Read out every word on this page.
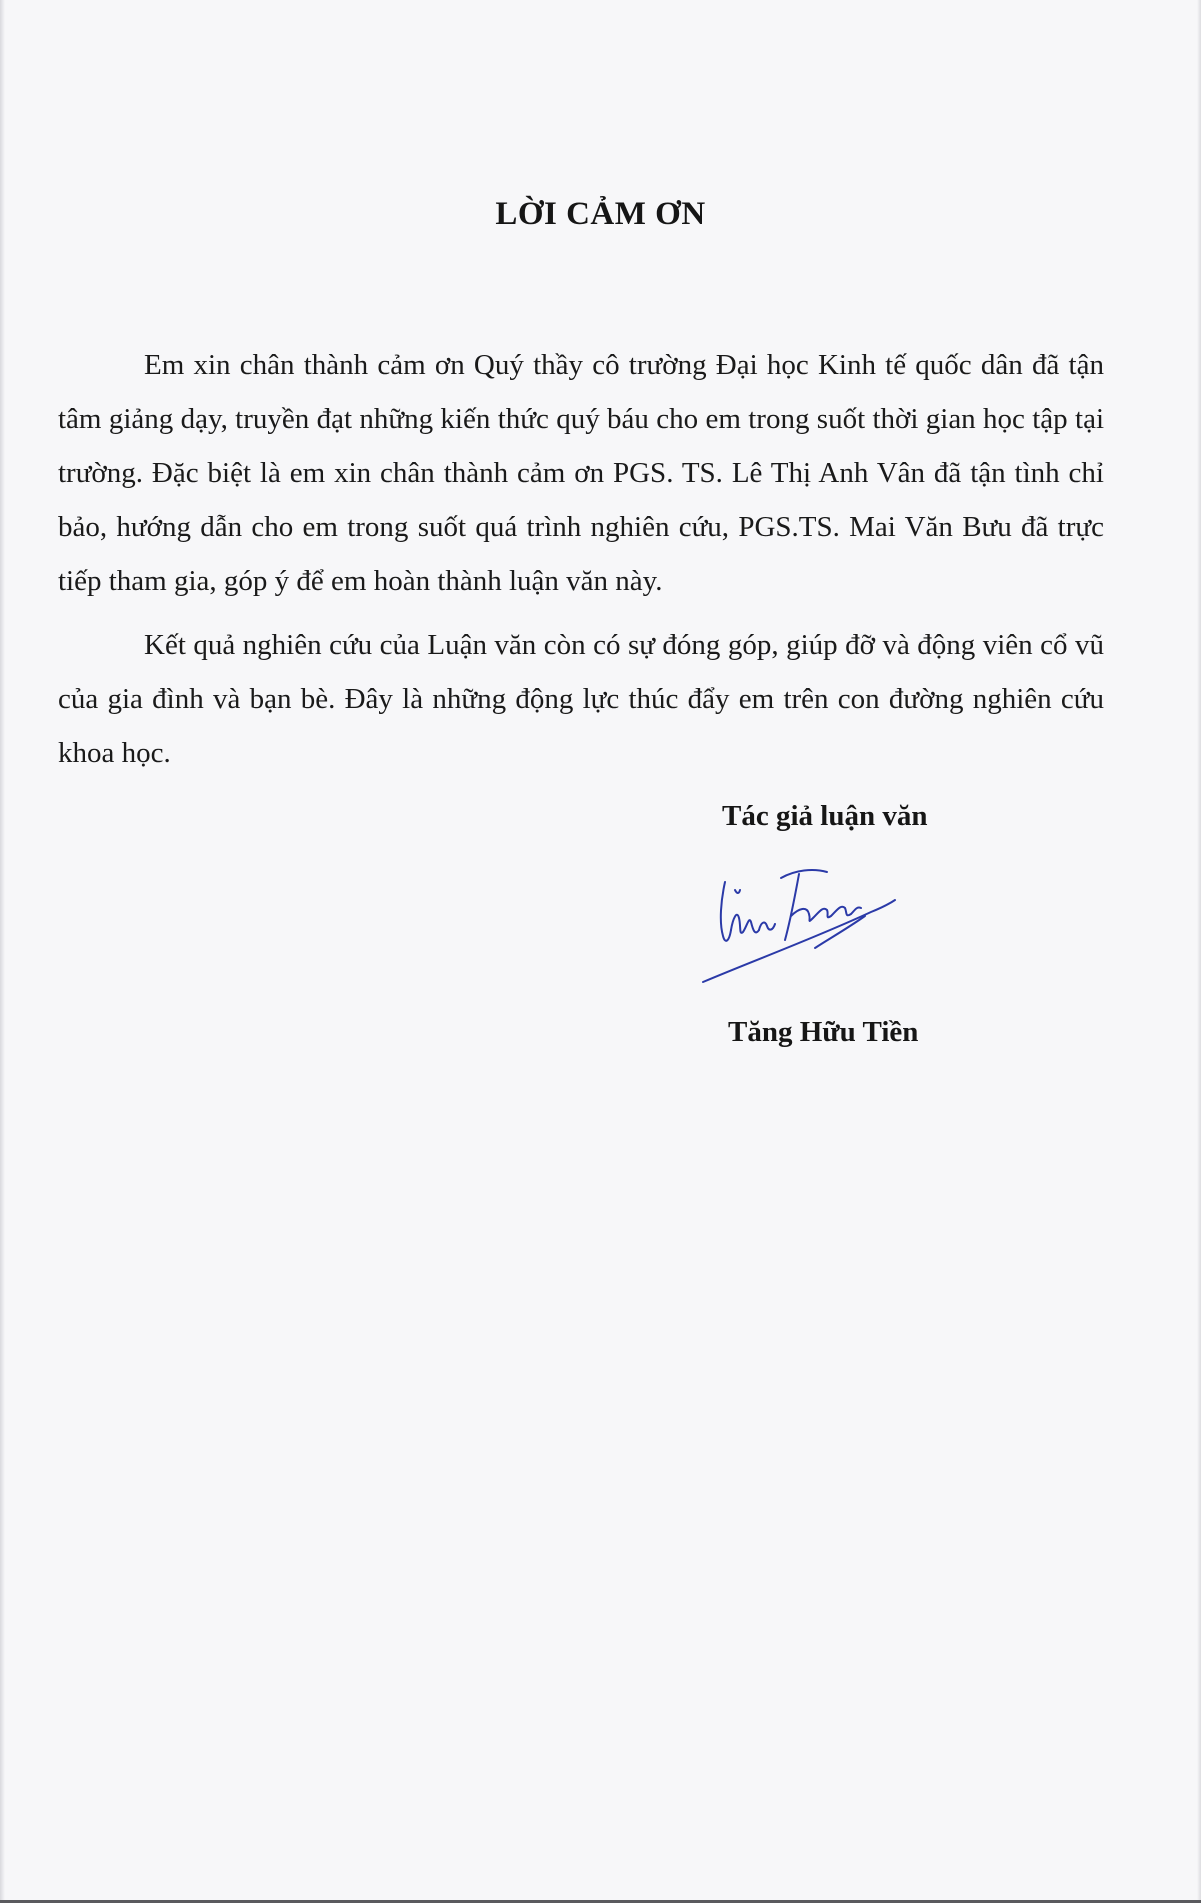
LỜI CẢM ƠN

Em xin chân thành cảm ơn Quý thầy cô trường Đại học Kinh tế quốc dân đã tận tâm giảng dạy, truyền đạt những kiến thức quý báu cho em trong suốt thời gian học tập tại trường. Đặc biệt là em xin chân thành cảm ơn PGS. TS. Lê Thị Anh Vân đã tận tình chỉ bảo, hướng dẫn cho em trong suốt quá trình nghiên cứu, PGS.TS. Mai Văn Bưu đã trực tiếp tham gia, góp ý để em hoàn thành luận văn này.

Kết quả nghiên cứu của Luận văn còn có sự đóng góp, giúp đỡ và động viên cổ vũ của gia đình và bạn bè. Đây là những động lực thúc đẩy em trên con đường nghiên cứu khoa học.

Tác giả luận văn
Tăng Hữu Tiền
